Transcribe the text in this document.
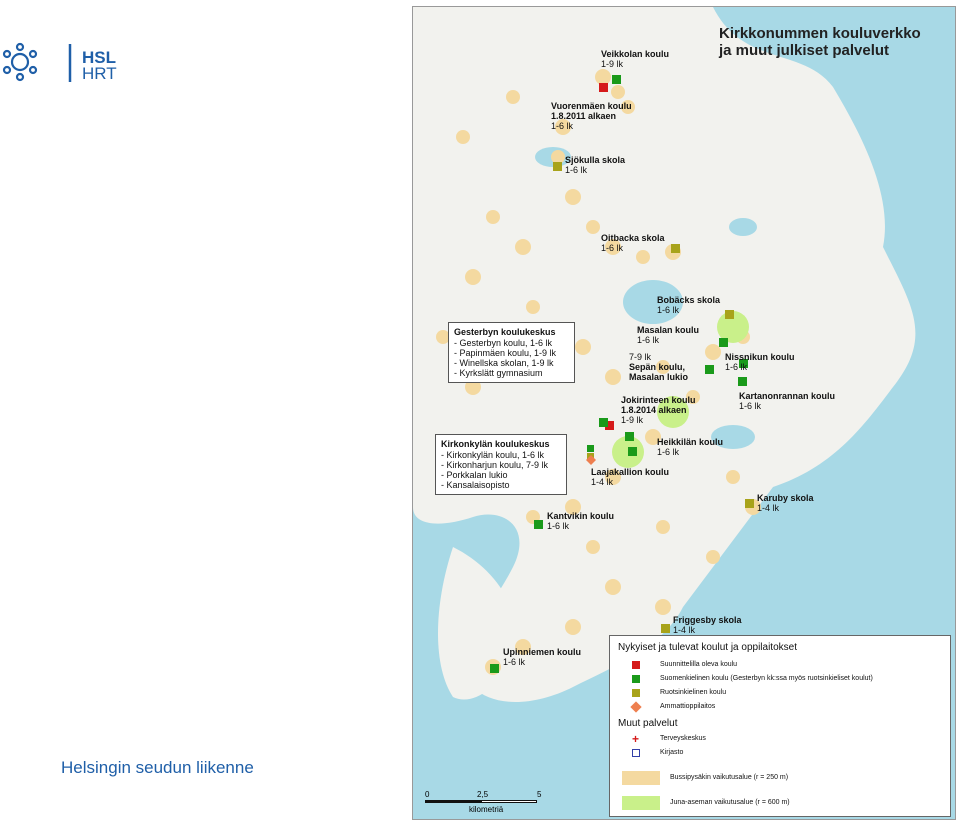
HSL
HRT
Helsingin seudun liikenne
Kirkkonummen kouluverkko
ja muut julkiset palvelut
Veikkolan koulu
1-9 lk
Vuorenmäen koulu
1.8.2011 alkaen
1-6 lk
Sjökulla skola
1-6 lk
Oitbacka skola
1-6 lk
Bobäcks skola
1-6 lk
Masalan koulu
1-6 lk
7-9 lk
Sepän koulu,
Masalan lukio
Nissnikun koulu
1-6 lk
Kartanonrannan koulu
1-6 lk
Jokirinteen koulu
1.8.2014 alkaen
1-9 lk
Heikkilän koulu
1-6 lk
Laajakallion koulu
1-4 lk
Karuby skola
1-4 lk
Kantvikin koulu
1-6 lk
Friggesby skola
1-4 lk
Upinniemen koulu
1-6 lk
Gesterbyn koulukeskus
- Gesterbyn koulu, 1-6 lk
- Papinmäen koulu, 1-9 lk
- Winellska skolan, 1-9 lk
- Kyrkslätt gymnasium
Kirkonkylän koulukeskus
- Kirkonkylän koulu, 1-6 lk
- Kirkonharjun koulu, 7-9 lk
- Porkkalan lukio
- Kansalaisopisto
Nykyiset ja tulevat koulut ja oppilaitokset
Suunnittelilla oleva koulu
Suomenkielinen koulu (Gesterbyn kk:ssa myös ruotsinkieliset koulut)
Ruotsinkielinen koulu
Ammattioppilaitos
Muut palvelut
+	Terveyskeskus
Kirjasto
Bussipysäkin vaikutusalue (r = 250 m)
Juna-aseman vaikutusalue (r = 600 m)
0	2,5	5
kilometriä
